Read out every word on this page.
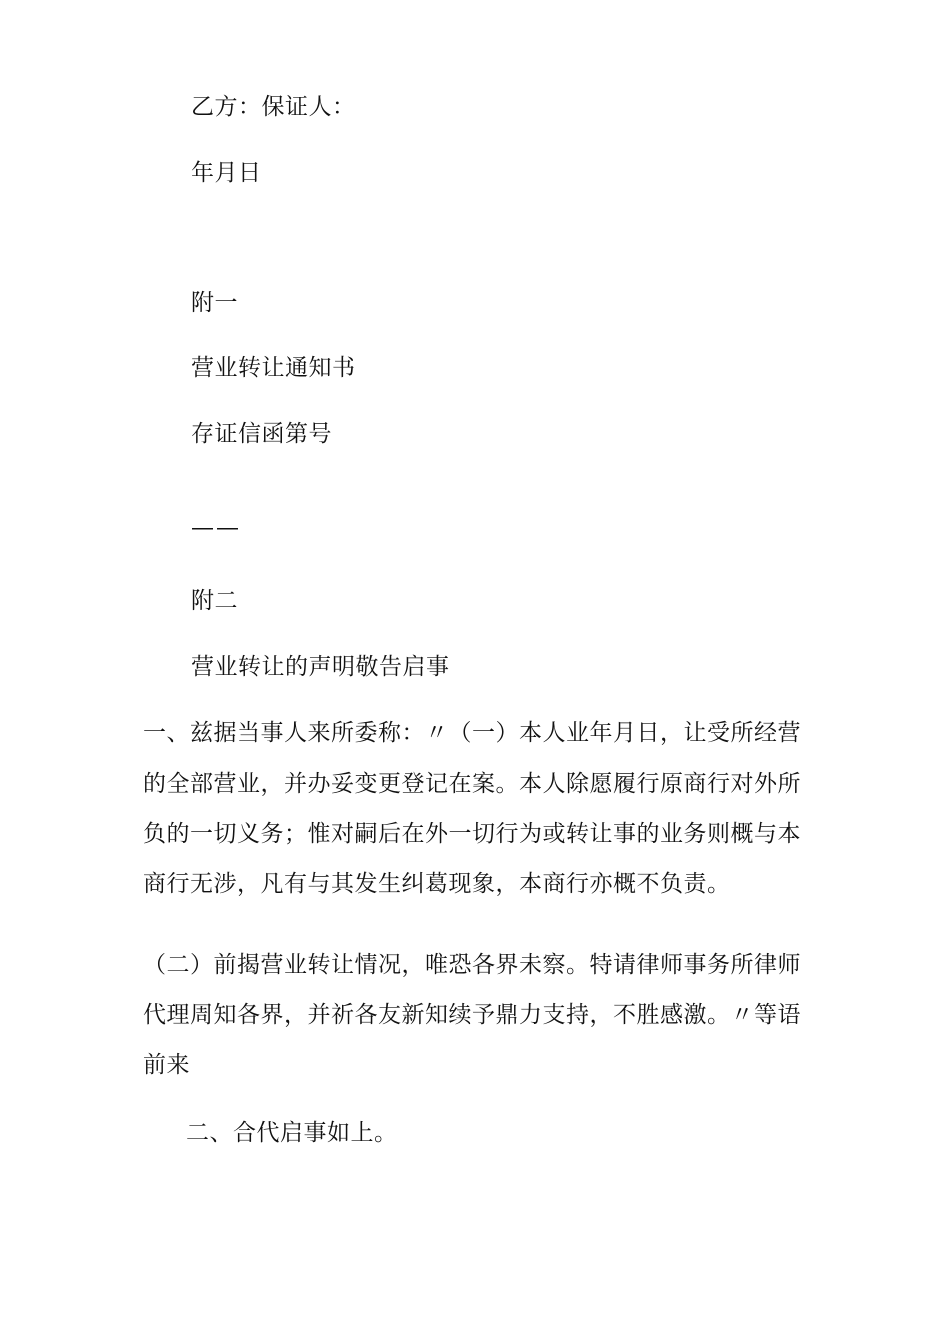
乙方：保证人：
年月日
附一
营业转让通知书
存证信函第号
——
附二
营业转让的声明敬告启事
一、兹据当事人来所委称：〃（一）本人业年月日，让受所经营
的全部营业，并办妥变更登记在案。本人除愿履行原商行对外所
负的一切义务；惟对嗣后在外一切行为或转让事的业务则概与本
商行无涉，凡有与其发生纠葛现象，本商行亦概不负责。
（二）前揭营业转让情况，唯恐各界未察。特请律师事务所律师
代理周知各界，并祈各友新知续予鼎力支持，不胜感激。〃等语
前来
二、合代启事如上。
